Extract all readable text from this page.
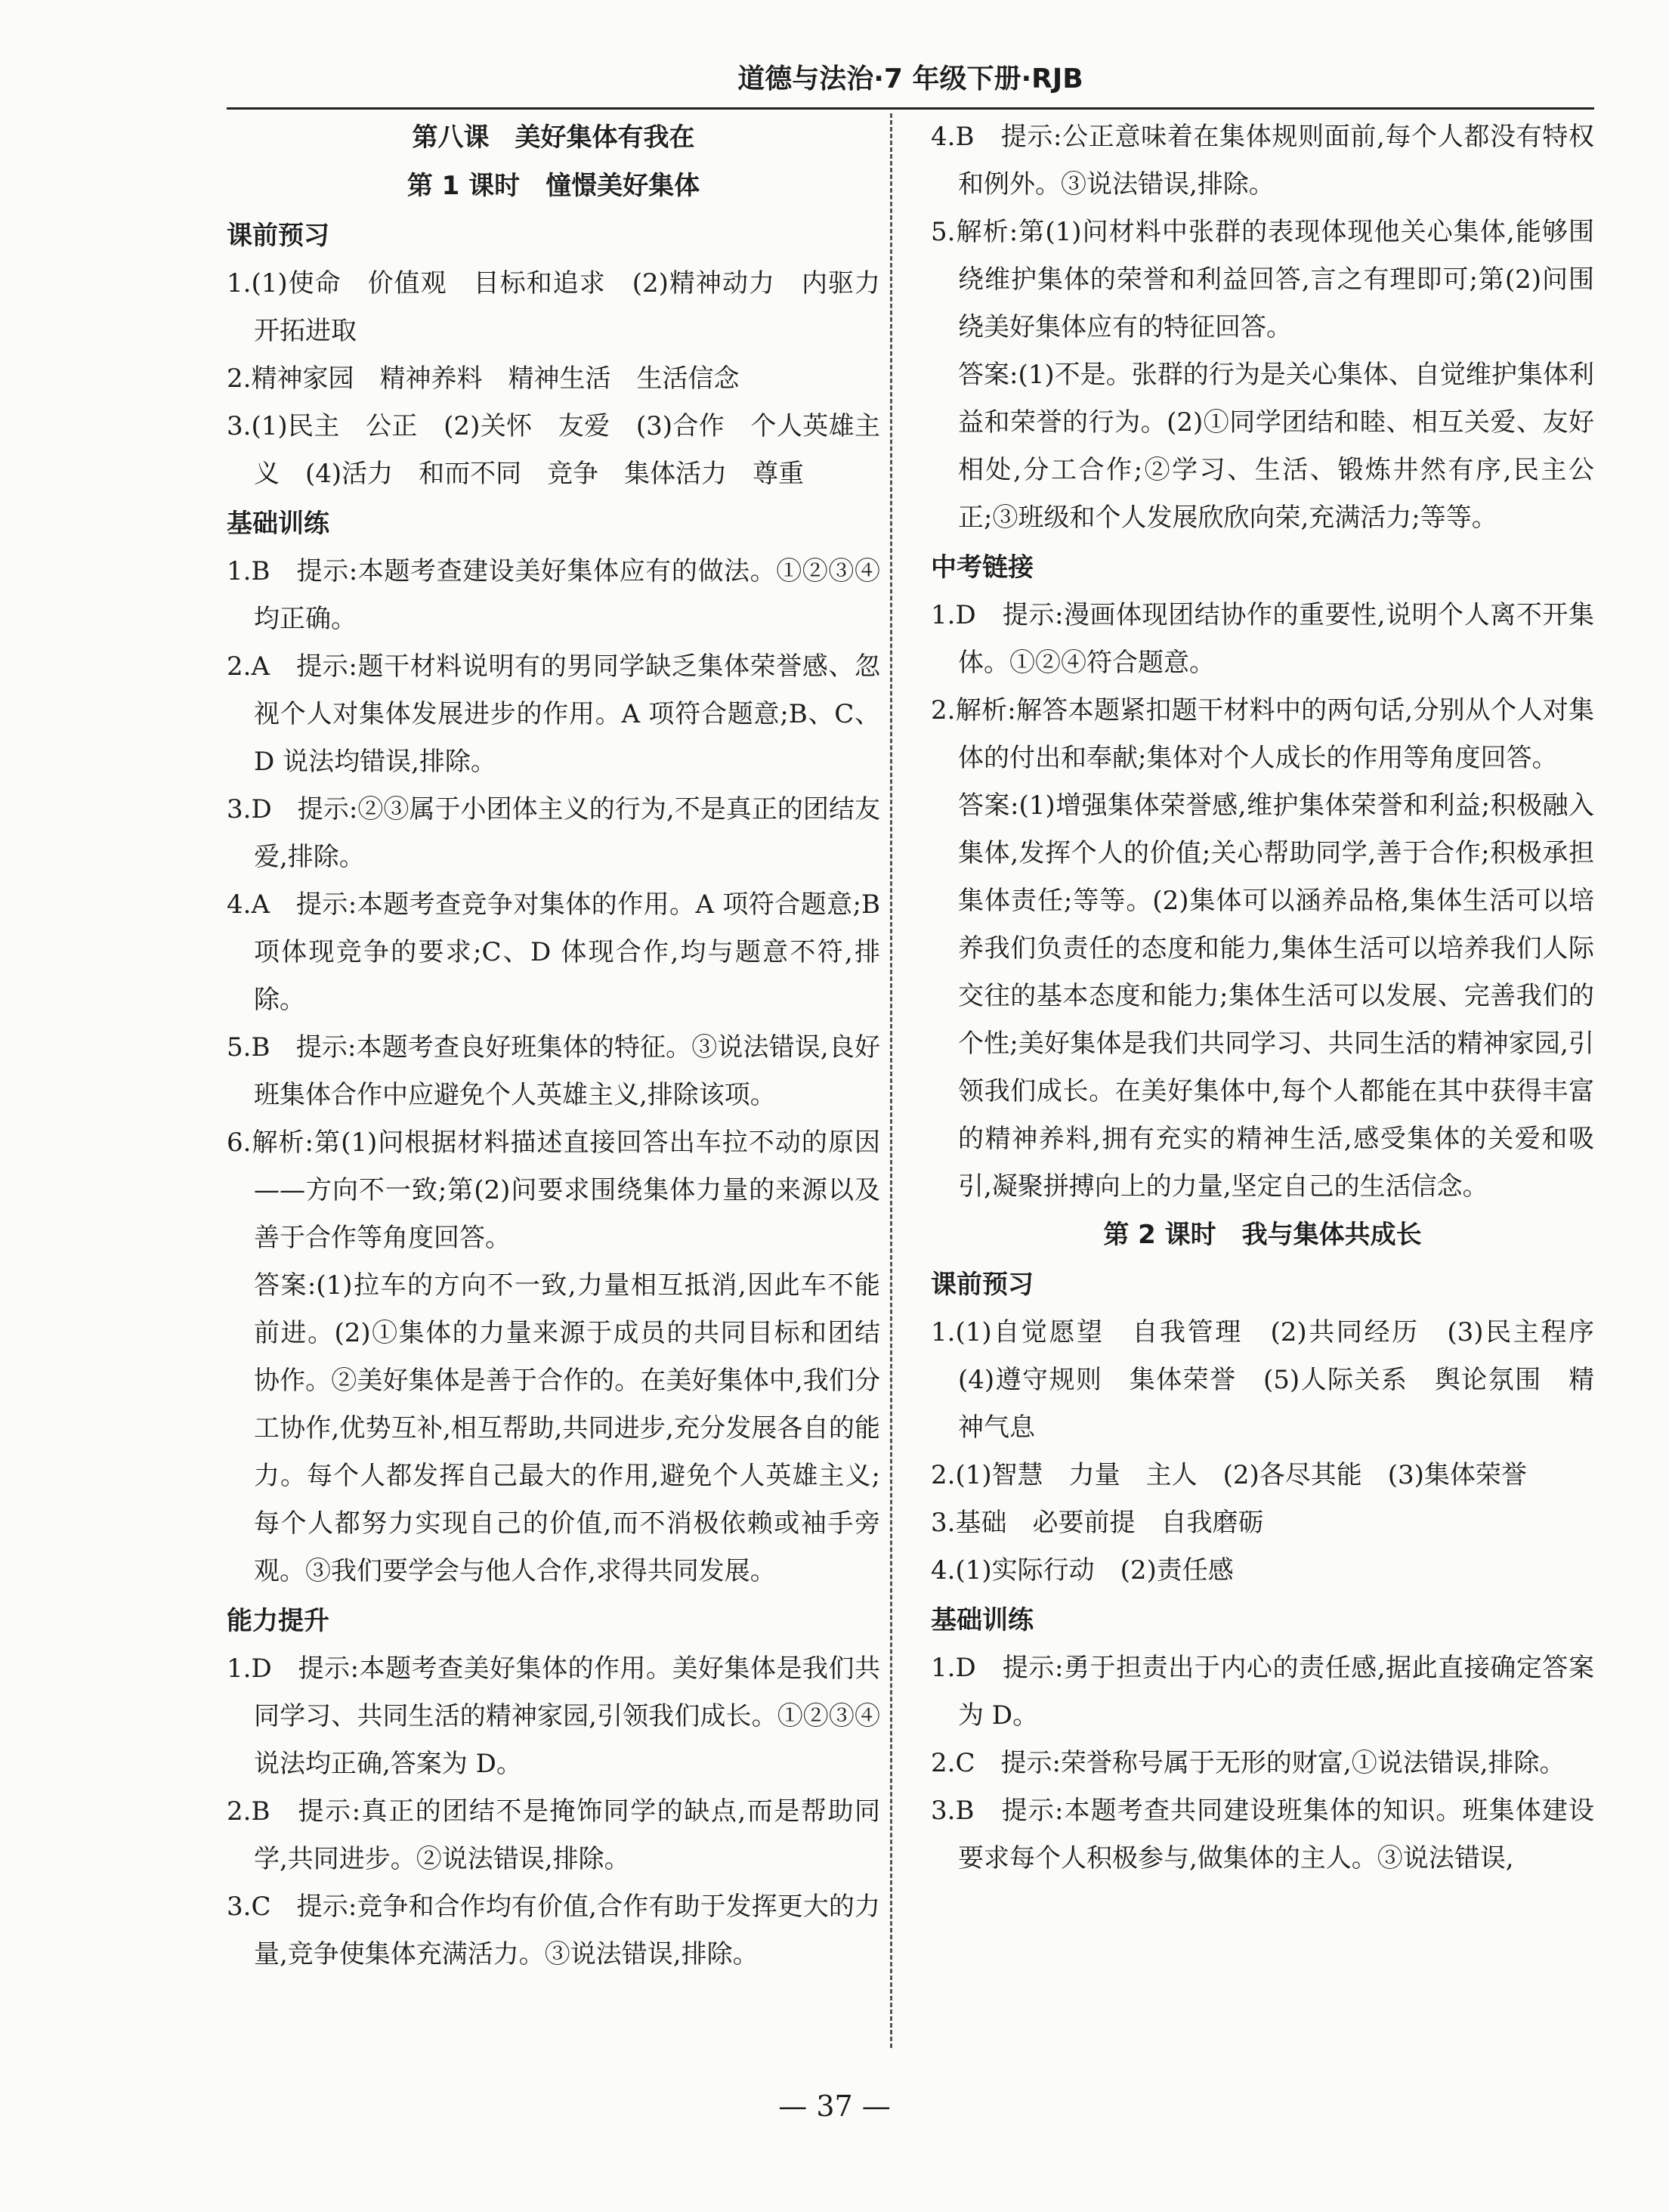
道德与法治·7 年级下册·RJB
第八课　美好集体有我在
第 1 课时　憧憬美好集体
课前预习
1.(1)使命　价值观　目标和追求　(2)精神动力　内驱力　开拓进取
2.精神家园　精神养料　精神生活　生活信念
3.(1)民主　公正　(2)关怀　友爱　(3)合作　个人英雄主义　(4)活力　和而不同　竞争　集体活力　尊重
基础训练
1.B　提示:本题考查建设美好集体应有的做法。①②③④均正确。
2.A　提示:题干材料说明有的男同学缺乏集体荣誉感、忽视个人对集体发展进步的作用。A 项符合题意;B、C、D 说法均错误,排除。
3.D　提示:②③属于小团体主义的行为,不是真正的团结友爱,排除。
4.A　提示:本题考查竞争对集体的作用。A 项符合题意;B 项体现竞争的要求;C、D 体现合作,均与题意不符,排除。
5.B　提示:本题考查良好班集体的特征。③说法错误,良好班集体合作中应避免个人英雄主义,排除该项。
6.解析:第(1)问根据材料描述直接回答出车拉不动的原因——方向不一致;第(2)问要求围绕集体力量的来源以及善于合作等角度回答。
答案:(1)拉车的方向不一致,力量相互抵消,因此车不能前进。(2)①集体的力量来源于成员的共同目标和团结协作。②美好集体是善于合作的。在美好集体中,我们分工协作,优势互补,相互帮助,共同进步,充分发展各自的能力。每个人都发挥自己最大的作用,避免个人英雄主义;每个人都努力实现自己的价值,而不消极依赖或袖手旁观。③我们要学会与他人合作,求得共同发展。
能力提升
1.D　提示:本题考查美好集体的作用。美好集体是我们共同学习、共同生活的精神家园,引领我们成长。①②③④说法均正确,答案为 D。
2.B　提示:真正的团结不是掩饰同学的缺点,而是帮助同学,共同进步。②说法错误,排除。
3.C　提示:竞争和合作均有价值,合作有助于发挥更大的力量,竞争使集体充满活力。③说法错误,排除。
4.B　提示:公正意味着在集体规则面前,每个人都没有特权和例外。③说法错误,排除。
5.解析:第(1)问材料中张群的表现体现他关心集体,能够围绕维护集体的荣誉和利益回答,言之有理即可;第(2)问围绕美好集体应有的特征回答。
答案:(1)不是。张群的行为是关心集体、自觉维护集体利益和荣誉的行为。(2)①同学团结和睦、相互关爱、友好相处,分工合作;②学习、生活、锻炼井然有序,民主公正;③班级和个人发展欣欣向荣,充满活力;等等。
中考链接
1.D　提示:漫画体现团结协作的重要性,说明个人离不开集体。①②④符合题意。
2.解析:解答本题紧扣题干材料中的两句话,分别从个人对集体的付出和奉献;集体对个人成长的作用等角度回答。
答案:(1)增强集体荣誉感,维护集体荣誉和利益;积极融入集体,发挥个人的价值;关心帮助同学,善于合作;积极承担集体责任;等等。(2)集体可以涵养品格,集体生活可以培养我们负责任的态度和能力,集体生活可以培养我们人际交往的基本态度和能力;集体生活可以发展、完善我们的个性;美好集体是我们共同学习、共同生活的精神家园,引领我们成长。在美好集体中,每个人都能在其中获得丰富的精神养料,拥有充实的精神生活,感受集体的关爱和吸引,凝聚拼搏向上的力量,坚定自己的生活信念。
第 2 课时　我与集体共成长
课前预习
1.(1)自觉愿望　自我管理　(2)共同经历　(3)民主程序　(4)遵守规则　集体荣誉　(5)人际关系　舆论氛围　精神气息
2.(1)智慧　力量　主人　(2)各尽其能　(3)集体荣誉
3.基础　必要前提　自我磨砺
4.(1)实际行动　(2)责任感
基础训练
1.D　提示:勇于担责出于内心的责任感,据此直接确定答案为 D。
2.C　提示:荣誉称号属于无形的财富,①说法错误,排除。
3.B　提示:本题考查共同建设班集体的知识。班集体建设要求每个人积极参与,做集体的主人。③说法错误,
— 37 —
